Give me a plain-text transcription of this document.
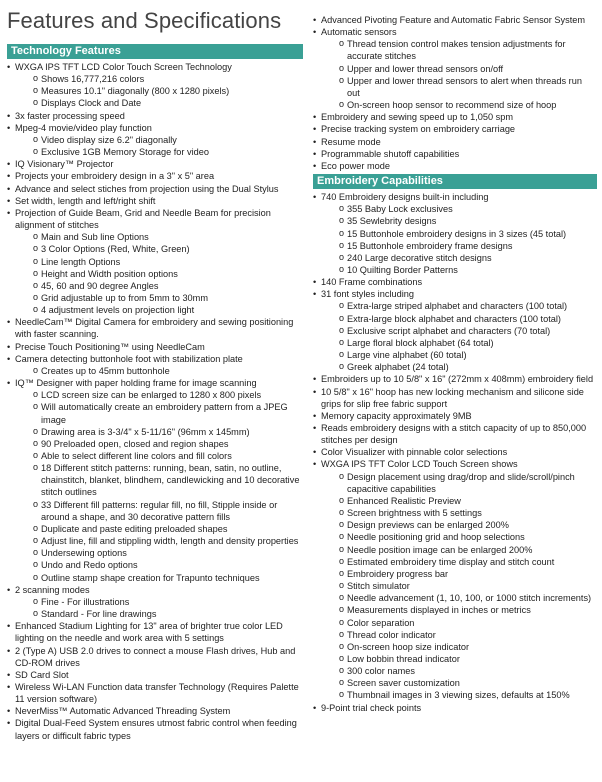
Features and Specifications
Technology Features
• WXGA IPS TFT LCD Color Touch Screen Technology
o Shows 16,777,216 colors
o Measures 10.1" diagonally (800 x 1280 pixels)
o Displays Clock and Date
• 3x faster processing speed
• Mpeg-4 movie/video play function
o Video display size 6.2" diagonally
o Exclusive 1GB Memory Storage for video
• IQ Visionary™ Projector
• Projects your embroidery design in a 3" x 5" area
• Advance and select stiches from projection using the Dual Stylus
• Set width, length and left/right shift
• Projection of Guide Beam, Grid and Needle Beam for precision alignment of stitches
o Main and Sub line Options
o 3 Color Options (Red, White, Green)
o Line length Options
o Height and Width position options
o 45, 60 and 90 degree Angles
o Grid adjustable up to from 5mm to 30mm
o 4 adjustment levels on projection light
• NeedleCam™ Digital Camera for embroidery and sewing positioning with faster scanning.
• Precise Touch Positioning™ using NeedleCam
• Camera detecting buttonhole foot with stabilization plate
o Creates up to 45mm buttonhole
• IQ™ Designer with paper holding frame for image scanning
o LCD screen size can be enlarged to 1280 x 800 pixels
o Will automatically create an embroidery pattern from a JPEG image
o Drawing area is 3-3/4" x 5-11/16" (96mm x 145mm)
o 90 Preloaded open, closed and region shapes
o Able to select different line colors and fill colors
o 18 Different stitch patterns: running, bean, satin, no outline, chainstitch, blanket, blindhem, candlewicking and 10 decorative stitch outlines
o 33 Different fill patterns: regular fill, no fill, Stipple inside or around a shape, and 30 decorative pattern fills
o Duplicate and paste editing preloaded shapes
o Adjust line, fill and stippling width, length and density properties
o Undersewing options
o Undo and Redo options
o Outline stamp shape creation for Trapunto techniques
• 2 scanning modes
o Fine - For illustrations
o Standard - For line drawings
• Enhanced Stadium Lighting for 13" area of brighter true color LED lighting on the needle and work area with 5 settings
• 2 (Type A) USB 2.0 drives to connect a mouse Flash drives, Hub and CD-ROM drives
• SD Card Slot
• Wireless Wi-LAN Function data transfer Technology (Requires Palette 11 version software)
• NeverMiss™ Automatic Advanced Threading System
• Digital Dual-Feed System ensures utmost fabric control when feeding layers or difficult fabric types
• Advanced Pivoting Feature and Automatic Fabric Sensor System
• Automatic sensors
o Thread tension control makes tension adjustments for accurate stitches
o Upper and lower thread sensors on/off
o Upper and lower thread sensors to alert when threads run out
o On-screen hoop sensor to recommend size of hoop
• Embroidery and sewing speed up to 1,050 spm
• Precise tracking system on embroidery carriage
• Resume mode
• Programmable shutoff capabilities
• Eco power mode
Embroidery Capabilities
• 740 Embroidery designs built-in including
o 355 Baby Lock exclusives
o 35 Sewlebrity designs
o 15 Buttonhole embroidery designs in 3 sizes (45 total)
o 15 Buttonhole embroidery frame designs
o 240 Large decorative stitch designs
o 10 Quilting Border Patterns
• 140 Frame combinations
• 31 font styles including
o Extra-large striped alphabet and characters (100 total)
o Extra-large block alphabet and characters (100 total)
o Exclusive script alphabet and characters (70 total)
o Large floral block alphabet (64 total)
o Large vine alphabet (60 total)
o Greek alphabet (24 total)
• Embroiders up to 10 5/8" x 16" (272mm x 408mm) embroidery field
• 10 5/8" x 16" hoop has new locking mechanism and silicone side grips for slip free fabric support
• Memory capacity approximately 9MB
• Reads embroidery designs with a stitch capacity of up to 850,000 stitches per design
• Color Visualizer with pinnable color selections
• WXGA IPS TFT Color LCD Touch Screen shows
o Design placement using drag/drop and slide/scroll/pinch capacitive capabilities
o Enhanced Realistic Preview
o Screen brightness with 5 settings
o Design previews can be enlarged 200%
o Needle positioning grid and hoop selections
o Needle position image can be enlarged 200%
o Estimated embroidery time display and stitch count
o Embroidery progress bar
o Stitch simulator
o Needle advancement (1, 10, 100, or 1000 stitch increments)
o Measurements displayed in inches or metrics
o Color separation
o Thread color indicator
o On-screen hoop size indicator
o Low bobbin thread indicator
o 300 color names
o Screen saver customization
o Thumbnail images in 3 viewing sizes, defaults at 150%
• 9-Point trial check points
